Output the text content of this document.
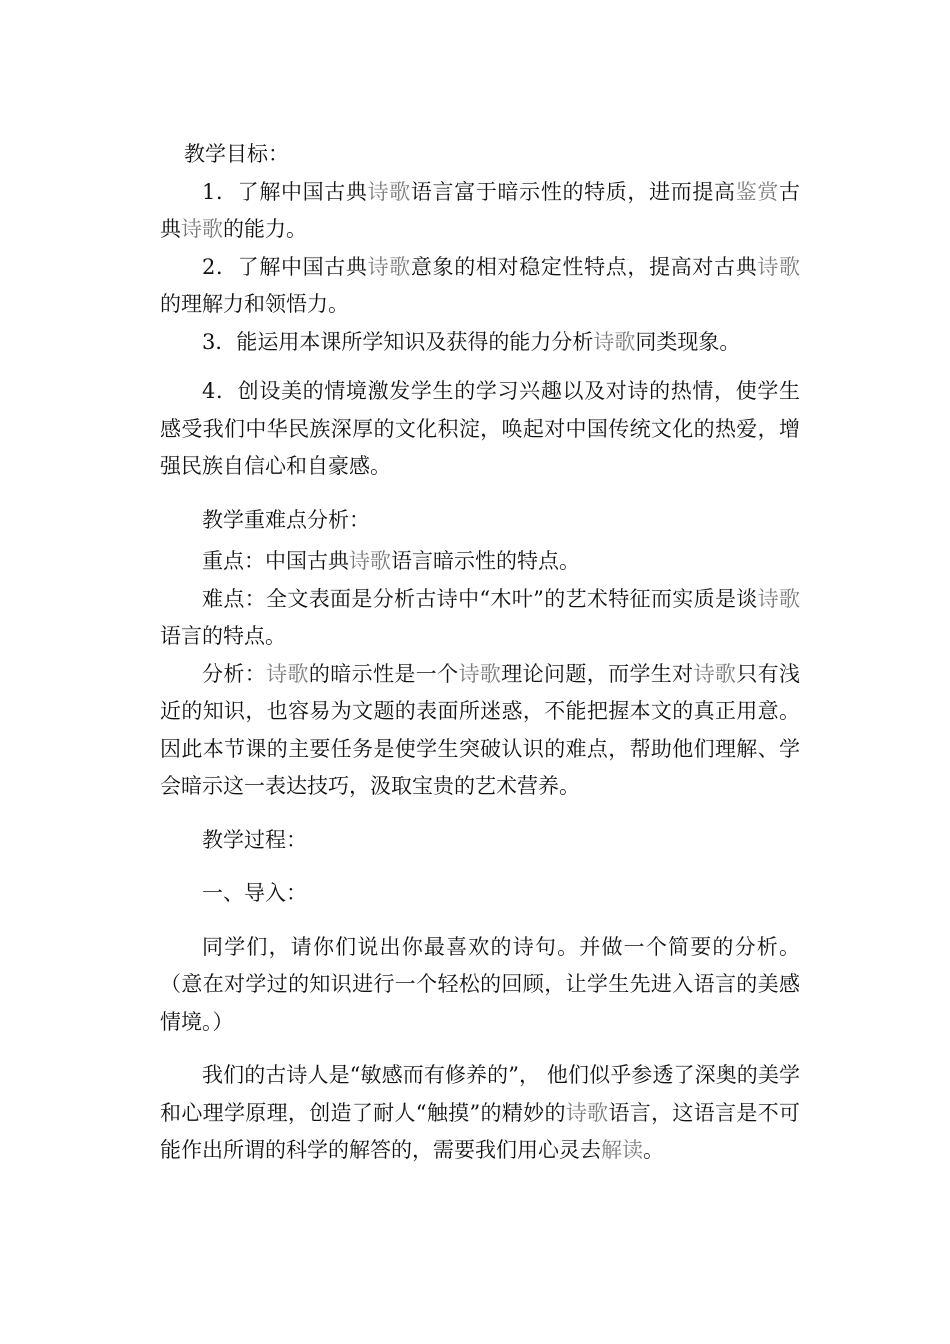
教学目标：

1．了解中国古典诗歌语言富于暗示性的特质，进而提高鉴赏古典诗歌的能力。

2．了解中国古典诗歌意象的相对稳定性特点，提高对古典诗歌的理解力和领悟力。

3．能运用本课所学知识及获得的能力分析诗歌同类现象。

4．创设美的情境激发学生的学习兴趣以及对诗的热情，使学生感受我们中华民族深厚的文化积淀，唤起对中国传统文化的热爱，增强民族自信心和自豪感。

教学重难点分析：

重点：中国古典诗歌语言暗示性的特点。

难点：全文表面是分析古诗中“木叶”的艺术特征而实质是谈诗歌语言的特点。

分析：诗歌的暗示性是一个诗歌理论问题，而学生对诗歌只有浅近的知识，也容易为文题的表面所迷惑，不能把握本文的真正用意。因此本节课的主要任务是使学生突破认识的难点，帮助他们理解、学会暗示这一表达技巧，汲取宝贵的艺术营养。

教学过程：

一、导入：

同学们，请你们说出你最喜欢的诗句。并做一个简要的分析。（意在对学过的知识进行一个轻松的回顾，让学生先进入语言的美感情境。）

我们的古诗人是“敏感而有修养的”， 他们似乎参透了深奥的美学和心理学原理，创造了耐人“触摸”的精妙的诗歌语言，这语言是不可能作出所谓的科学的解答的，需要我们用心灵去解读。
